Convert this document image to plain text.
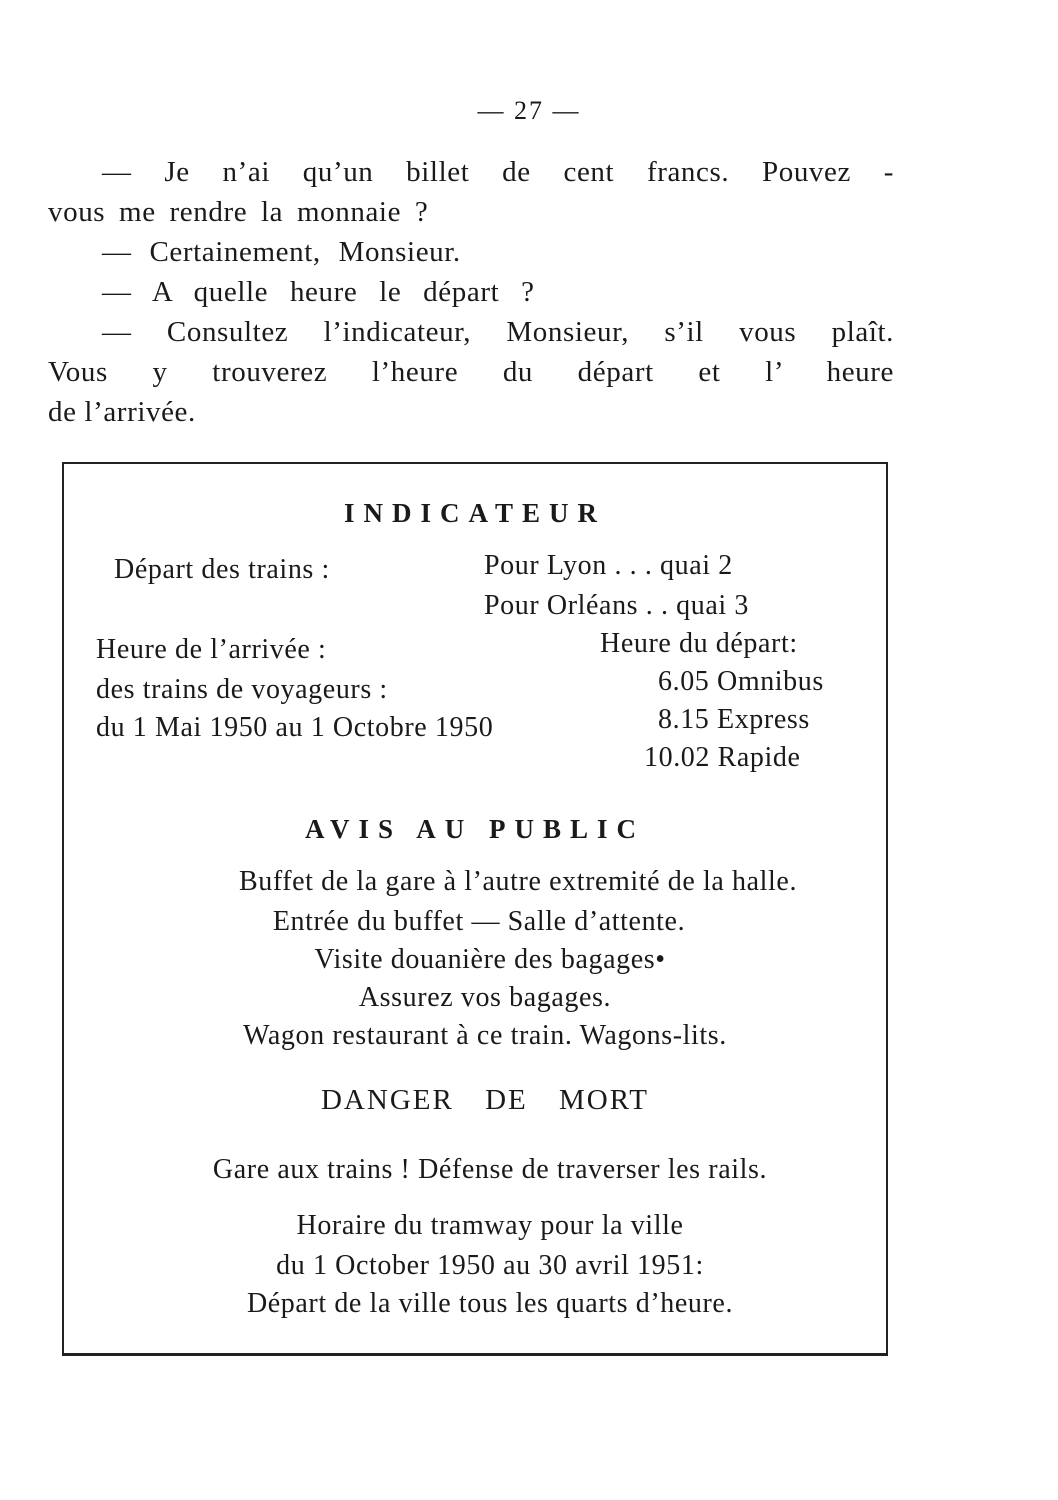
— 27 —

— Je n’ai qu’un billet de cent francs. Pouvez -

vous me rendre la monnaie ?

— Certainement, Monsieur.

— A quelle heure le départ ?

— Consultez l’indicateur, Monsieur, s’il vous plaît.

Vous y trouverez l’heure du départ et l’ heure

de l’arrivée.

INDICATEUR
Départ des trains :	Pour Lyon . . . quai 2
Pour Orléans . . quai 3
Heure de l’arrivée :
des trains de voyageurs :
du 1 Mai 1950 au 1 Octobre 1950
Heure du départ:
6.05 Omnibus
8.15 Express
10.02 Rapide
AVIS AU PUBLIC
Buffet de la gare à l’autre extremité de la halle.
Entrée du buffet — Salle d’attente.
Visite douanière des bagages•
Assurez vos bagages.
Wagon restaurant à ce train. Wagons-lits.
DANGER DE MORT
Gare aux trains ! Défense de traverser les rails.
Horaire du tramway pour la ville
du 1 October 1950 au 30 avril 1951:
Départ de la ville tous les quarts d’heure.
